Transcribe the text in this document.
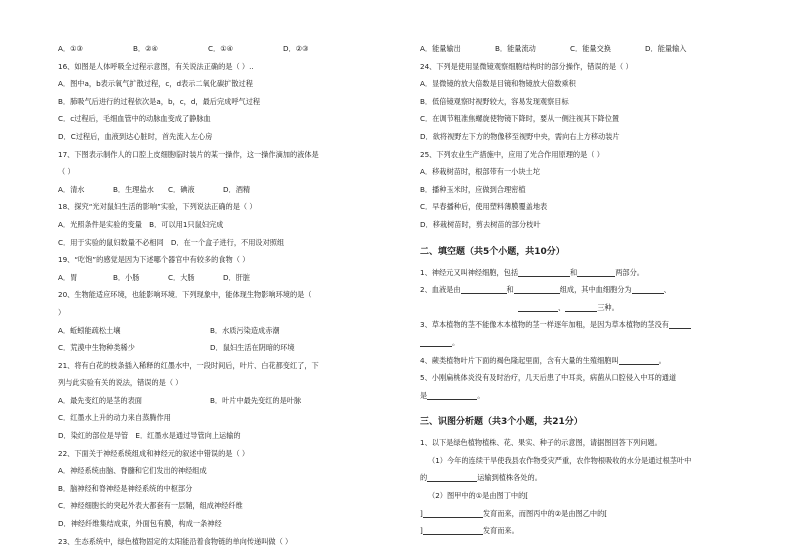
A．①③	B．②④	C．①④	D．②③
16、如图是人体呼吸全过程示意图，有关说法正确的是（ ）..
A．图中a，b表示氧气扩散过程，c，d表示二氧化碳扩散过程
B．肺吸气后进行的过程依次是a，b，c，d，最后完成呼气过程
C．c过程后，毛细血管中的动脉血变成了静脉血
D．C过程后，血液到达心脏时，首先流入左心房
17、下图表示制作人的口腔上皮细胞临时装片的某一操作，这一操作滴加的液体是
（ ）
A．清水	B．生理盐水	C．碘液	D．酒精
18、探究“光对鼠妇生活的影响”实验，下列说法正确的是（ ）
A．光照条件是实验的变量　B．可以用1只鼠妇完成
C．用于实验的鼠妇数量不必相同　D．在一个盒子进行，不用设对照组
19、“吃饱”的感觉是因为下述哪个器官中有较多的食物（ ）
A．胃	B．小肠	C．大肠	D．肝脏
20、生物能适应环境，也能影响环境．下列现象中，能体现生物影响环境的是（
）
A．蚯蚓能疏松土壤	B．水质污染造成赤潮
C．荒漠中生物种类稀少	D．鼠妇生活在阴暗的环境
21、将有白花的枝条插入稀释的红墨水中，一段时间后，叶片、白花都变红了，下
列与此实验有关的说法，错误的是（ ）
A．最先变红的是茎的表面	B．叶片中最先变红的是叶脉
C．红墨水上升的动力来自蒸腾作用
D．染红的部位是导管　E．红墨水是通过导管向上运输的
22、下面关于神经系统组成和神经元的叙述中错误的是（ ）
A．神经系统由脑、脊髓和它们发出的神经组成
B．脑神经和脊神经是神经系统的中枢部分
C．神经细胞长的突起外表大都套有一层鞘，组成神经纤维
D．神经纤维集结成束，外面包有膜，构成一条神经
23、生态系统中，绿色植物固定的太阳能沿着食物链的单向传递叫做（ ）
A．能量输出	B．能量流动	C．能量交换	D．能量输入
24、下列是使用显微镜观察细胞结构时的部分操作，错误的是（ ）
A．显微镜的放大倍数是目镜和物镜放大倍数乘积
B．低倍镜观察时视野较大，容易发现观察目标
C．在调节粗准焦螺旋使物镜下降时，要从一侧注视其下降位置
D．欲将视野左下方的物像移至视野中央，需向右上方移动装片
25、下列农业生产措施中，应用了光合作用原理的是（ ）
A．移栽树苗时，根部带有一小块土坨
B．播种玉米时，应做到合理密植
C．早春播种后，使用塑料薄膜覆盖地表
D．移栽树苗时，剪去树苗的部分枝叶
二、填空题（共5个小题，共10分）
1、神经元又叫神经细胞，包括	和	两部分。
2、血液是由	和	组成，其中血细胞分为	、
、	三种。
3、草本植物的茎不能像木本植物的茎一样逐年加粗，是因为草本植物的茎没有
。
4、蕨类植物叶片下面的褐色隆起里面，含有大量的生殖细胞叫	。
5、小刚扁桃体炎没有及时治疗，几天后患了中耳炎，病菌从口腔侵入中耳的通道
是	。
三、识图分析题（共3个小题，共21分）
1、以下是绿色植物植株、花、果实、种子的示意图，请据图回答下列问题。
（1）今年的连续干旱使我县农作物受灾严重，农作物根吸收的水分是通过根茎叶中
的	运输到植株各处的。
（2）图甲中的①是由图丁中的[
]	发育而来，而图丙中的②是由图乙中的[
]	发育而来。
